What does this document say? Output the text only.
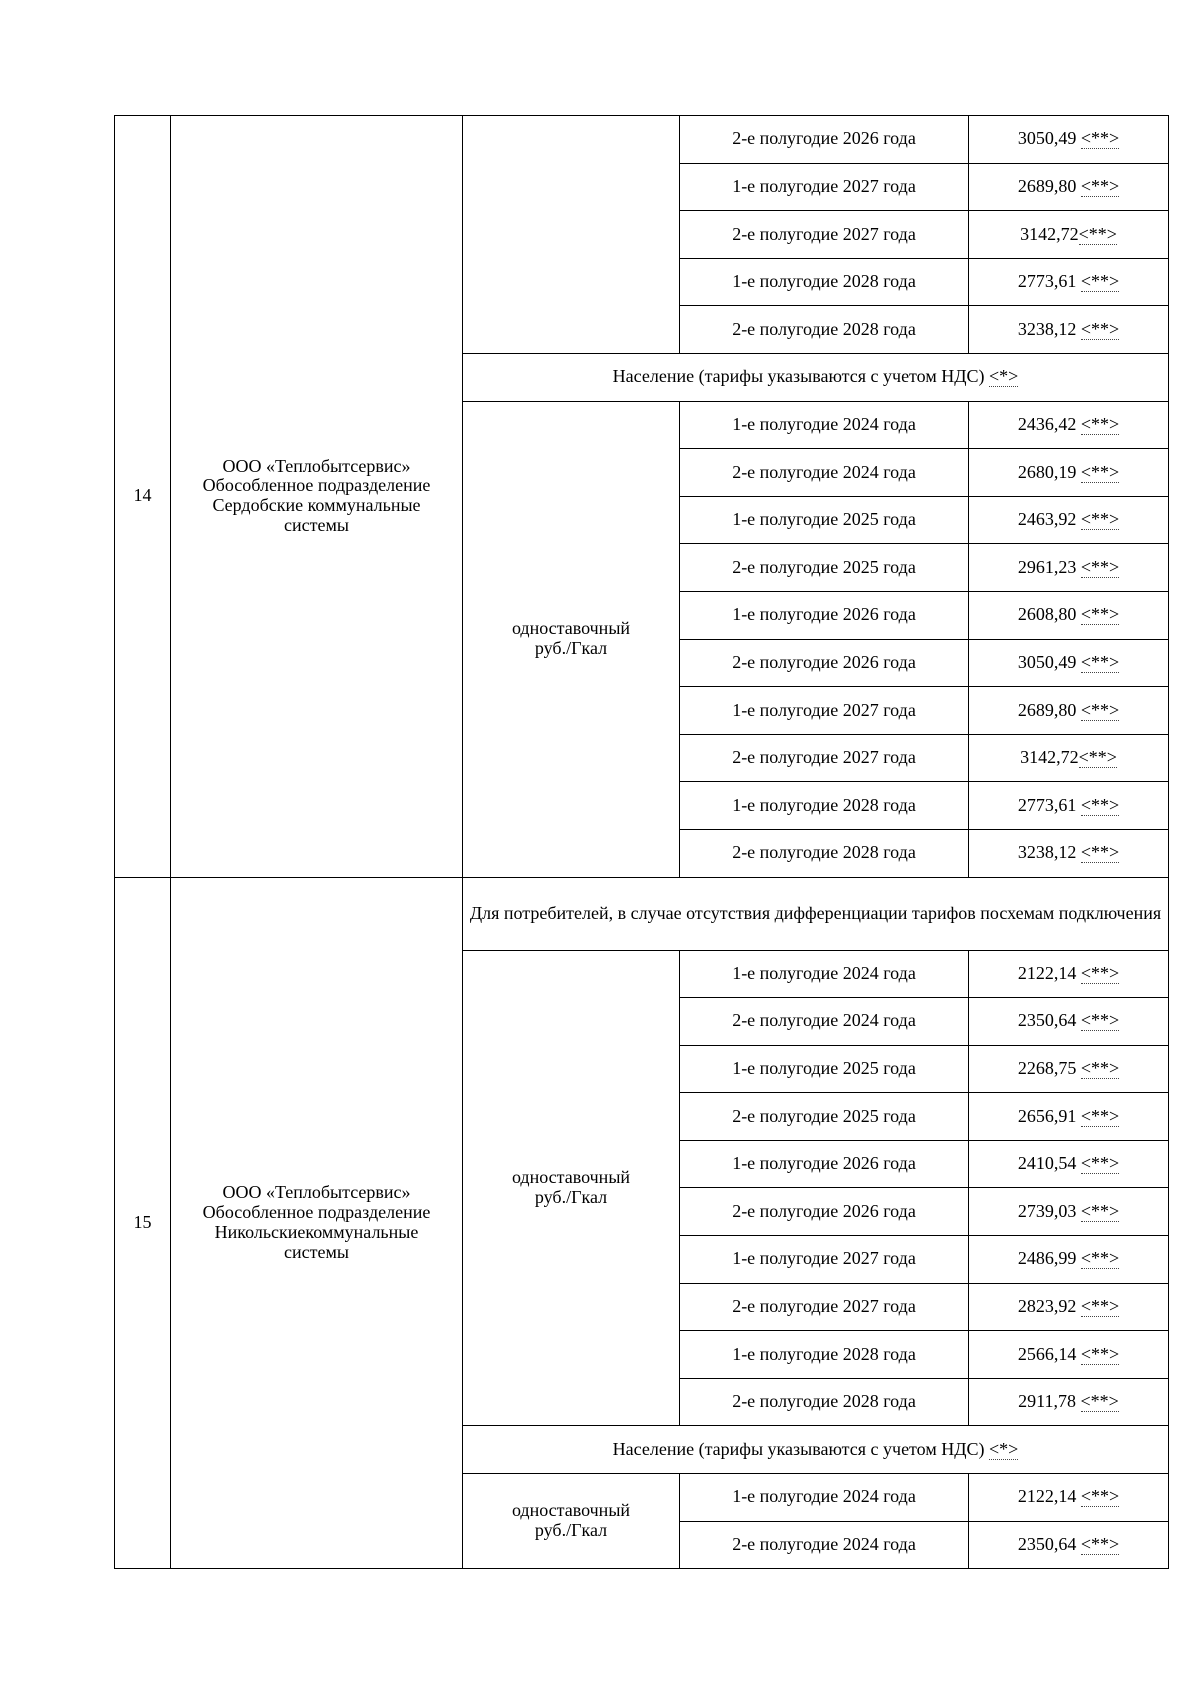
14	ООО «Теплобытсервис»
Обособленное подразделение
Сердобские коммунальные
системы		2-е полугодие 2026 года	3050,49 <**>
			1-е полугодие 2027 года	2689,80 <**>
			2-е полугодие 2027 года	3142,72<**>
			1-е полугодие 2028 года	2773,61 <**>
			2-е полугодие 2028 года	3238,12 <**>
		Население (тарифы указываются с учетом НДС) <*>		

		одноставочный
руб./Гкал	1-е полугодие 2024 года	2436,42 <**>
			2-е полугодие 2024 года	2680,19 <**>
			1-е полугодие 2025 года	2463,92 <**>
			2-е полугодие 2025 года	2961,23 <**>
			1-е полугодие 2026 года	2608,80 <**>
			2-е полугодие 2026 года	3050,49 <**>
			1-е полугодие 2027 года	2689,80 <**>
			2-е полугодие 2027 года	3142,72<**>
			1-е полугодие 2028 года	2773,61 <**>
			2-е полугодие 2028 года	3238,12 <**>
15	ООО «Теплобытсервис»
Обособленное подразделение
Никольскиекоммунальные
системы	Для потребителей, в случае отсутствия дифференциации тарифов посхемам подключения		

		одноставочный
руб./Гкал	1-е полугодие 2024 года	2122,14 <**>
			2-е полугодие 2024 года	2350,64 <**>
			1-е полугодие 2025 года	2268,75 <**>
			2-е полугодие 2025 года	2656,91 <**>
			1-е полугодие 2026 года	2410,54 <**>
			2-е полугодие 2026 года	2739,03 <**>
			1-е полугодие 2027 года	2486,99 <**>
			2-е полугодие 2027 года	2823,92 <**>
			1-е полугодие 2028 года	2566,14 <**>
			2-е полугодие 2028 года	2911,78 <**>
		Население (тарифы указываются с учетом НДС) <*>		

		одноставочный
руб./Гкал	1-е полугодие 2024 года	2122,14 <**>
			2-е полугодие 2024 года	2350,64 <**>
